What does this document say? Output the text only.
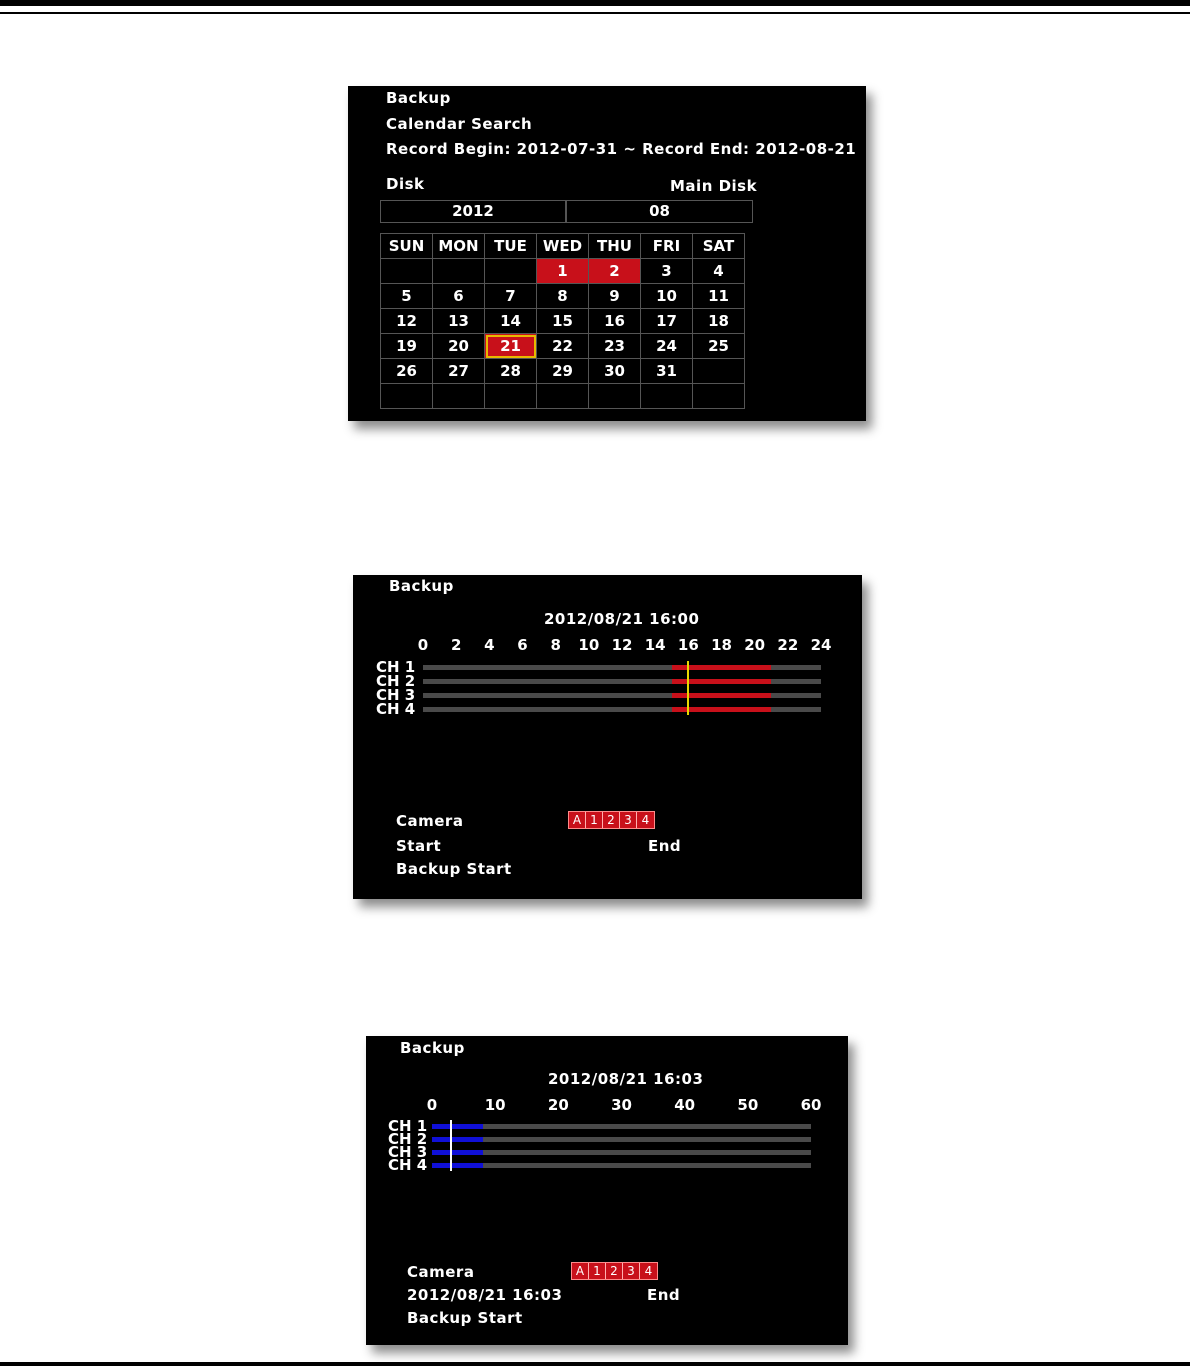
Backup
Calendar Search
Record Begin: 2012-07-31 ~ Record End: 2012-08-21
Disk	Main Disk
2012	08
SUN	MON	TUE	WED	THU	FRI	SAT
			1	2	3	4
5	6	7	8	9	10	11
12	13	14	15	16	17	18
19	20	21	22	23	24	25
26	27	28	29	30	31	

Backup
2012/08/21 16:00
0 2 4 6 8 10 12 14 16 18 20 22 24
CH 1
CH 2
CH 3
CH 4
Camera	A 1 2 3 4
Start	End
Backup Start
Backup
2012/08/21 16:03
0	10	20	30	40	50	60
CH 1
CH 2
CH 3
CH 4
Camera	A 1 2 3 4
2012/08/21 16:03	End
Backup Start
